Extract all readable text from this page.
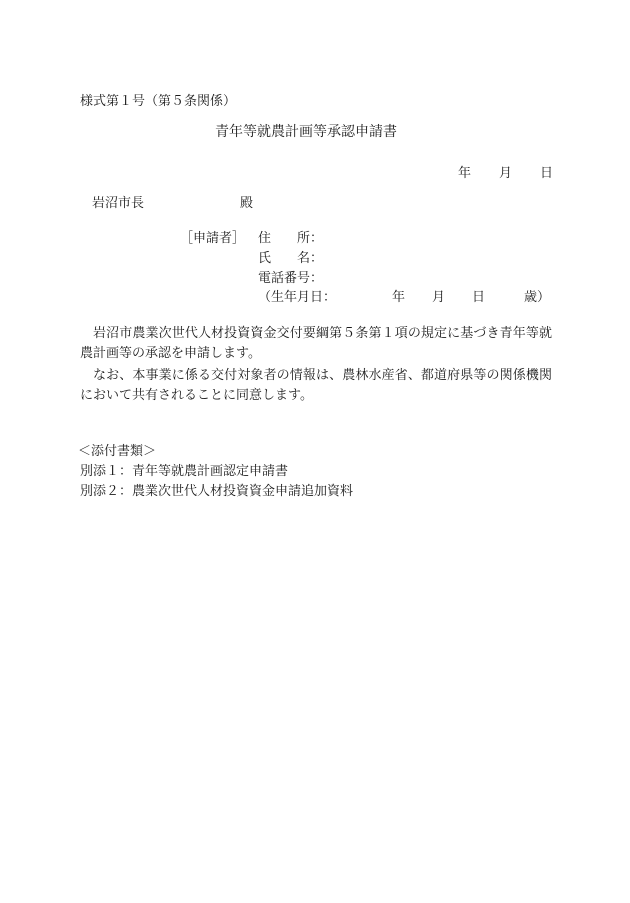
様式第１号（第５条関係）
青年等就農計画等承認申請書
年 月 日
岩沼市長	殿
［申請者］ 住　　所：
氏　　名：
電話番号：
（生年月日：	年 月 日	歳）
岩沼市農業次世代人材投資資金交付要綱第５条第１項の規定に基づき青年等就農計画等の承認を申請します。
なお、本事業に係る交付対象者の情報は、農林水産省、都道府県等の関係機関において共有されることに同意します。
＜添付書類＞
別添１：青年等就農計画認定申請書
別添２：農業次世代人材投資資金申請追加資料
